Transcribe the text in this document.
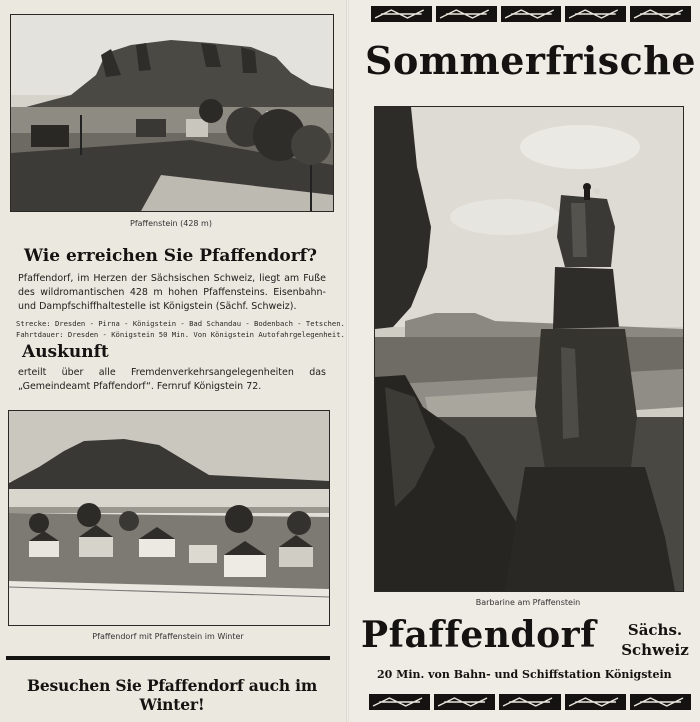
Pfaffenstein (428 m)
Wie erreichen Sie Pfaffendorf?
Pfaffendorf, im Herzen der Sächsischen Schweiz, liegt am Fuße des wildromantischen 428 m hohen Pfaffensteins. Eisenbahn- und Dampfschiffhaltestelle ist Königstein (Sächf. Schweiz).
Strecke: Dresden - Pirna - Königstein - Bad Schandau - Bodenbach - Tetschen.
Fahrtdauer: Dresden - Königstein 50 Min. Von Königstein Autofahrgelegenheit.
Auskunft
erteilt über alle Fremdenverkehrsangelegenheiten das „Gemeindeamt Pfaffendorf“. Fernruf Königstein 72.
Pfaffendorf mit Pfaffenstein im Winter
Besuchen Sie Pfaffendorf auch im Winter!
Sommerfrische
Barbarine am Pfaffenstein
Pfaffendorf	Sächs.
Schweiz
20 Min. von Bahn- und Schiffstation Königstein
